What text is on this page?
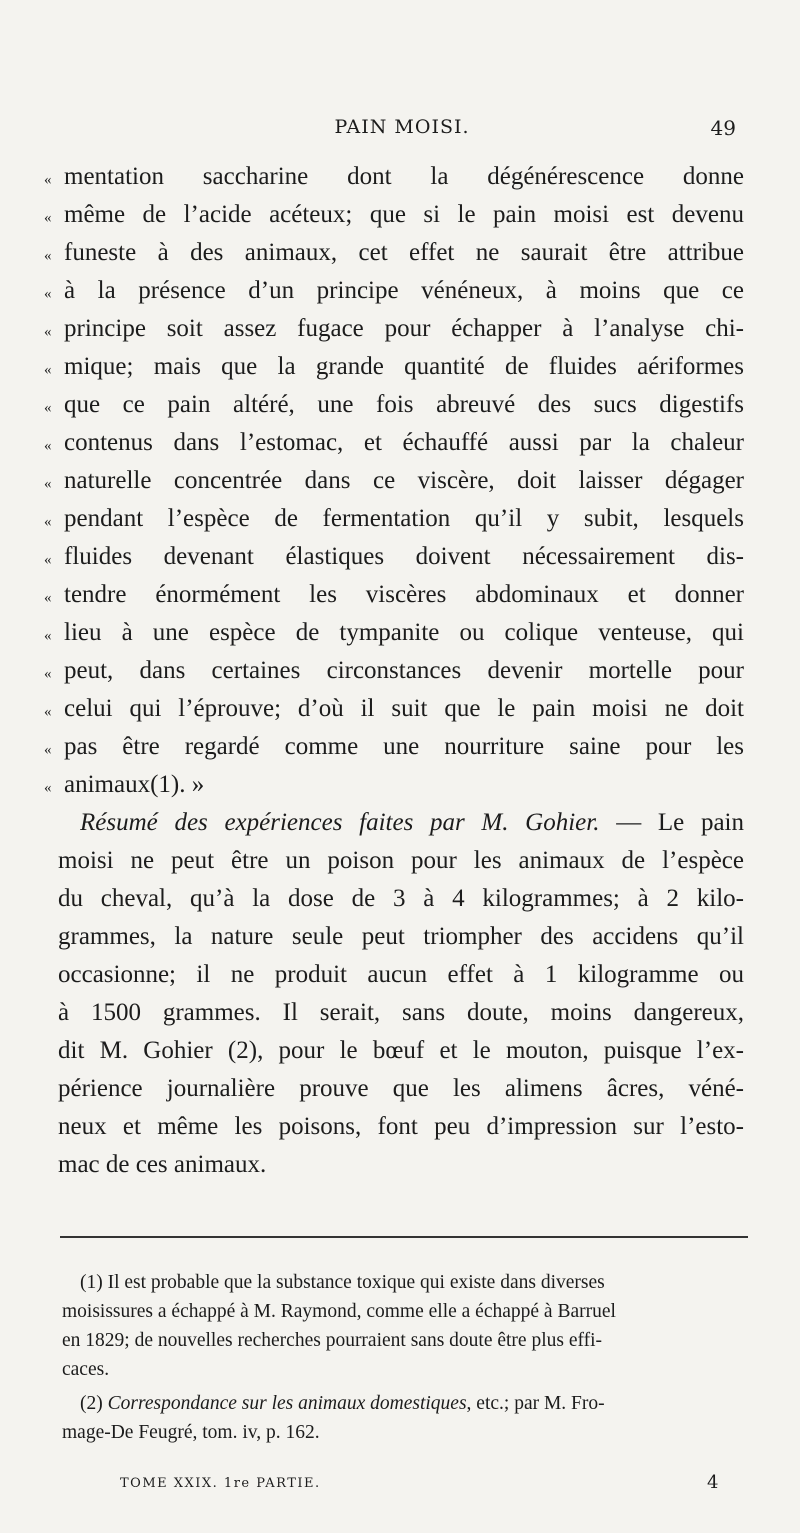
PAIN MOISI.	49
« mentation saccharine dont la dégénérescence donne
« même de l’acide acéteux; que si le pain moisi est devenu
« funeste à des animaux, cet effet ne saurait être attribue
« à la présence d’un principe vénéneux, à moins que ce
« principe soit assez fugace pour échapper à l’analyse chi-
« mique; mais que la grande quantité de fluides aériformes
« que ce pain altéré, une fois abreuvé des sucs digestifs
« contenus dans l’estomac, et échauffé aussi par la chaleur
« naturelle concentrée dans ce viscère, doit laisser dégager
« pendant l’espèce de fermentation qu’il y subit, lesquels
« fluides devenant élastiques doivent nécessairement dis-
« tendre énormément les viscères abdominaux et donner
« lieu à une espèce de tympanite ou colique venteuse, qui
« peut, dans certaines circonstances devenir mortelle pour
« celui qui l’éprouve; d’où il suit que le pain moisi ne doit
« pas être regardé comme une nourriture saine pour les
« animaux(1). »
Résumé des expériences faites par M. Gohier. — Le pain
moisi ne peut être un poison pour les animaux de l’espèce
du cheval, qu’à la dose de 3 à 4 kilogrammes; à 2 kilo-
grammes, la nature seule peut triompher des accidens qu’il
occasionne; il ne produit aucun effet à 1 kilogramme ou
à 1500 grammes. Il serait, sans doute, moins dangereux,
dit M. Gohier (2), pour le bœuf et le mouton, puisque l’ex-
périence journalière prouve que les alimens âcres, véné-
neux et même les poisons, font peu d’impression sur l’esto-
mac de ces animaux.
(1) Il est probable que la substance toxique qui existe dans diverses
moisissures a échappé à M. Raymond, comme elle a échappé à Barruel
en 1829; de nouvelles recherches pourraient sans doute être plus effi-
caces.
(2) Correspondance sur les animaux domestiques, etc.; par M. Fro-
mage-De Feugré, tom. iv, p. 162.
TOME XXIX. 1re PARTIE.	4
